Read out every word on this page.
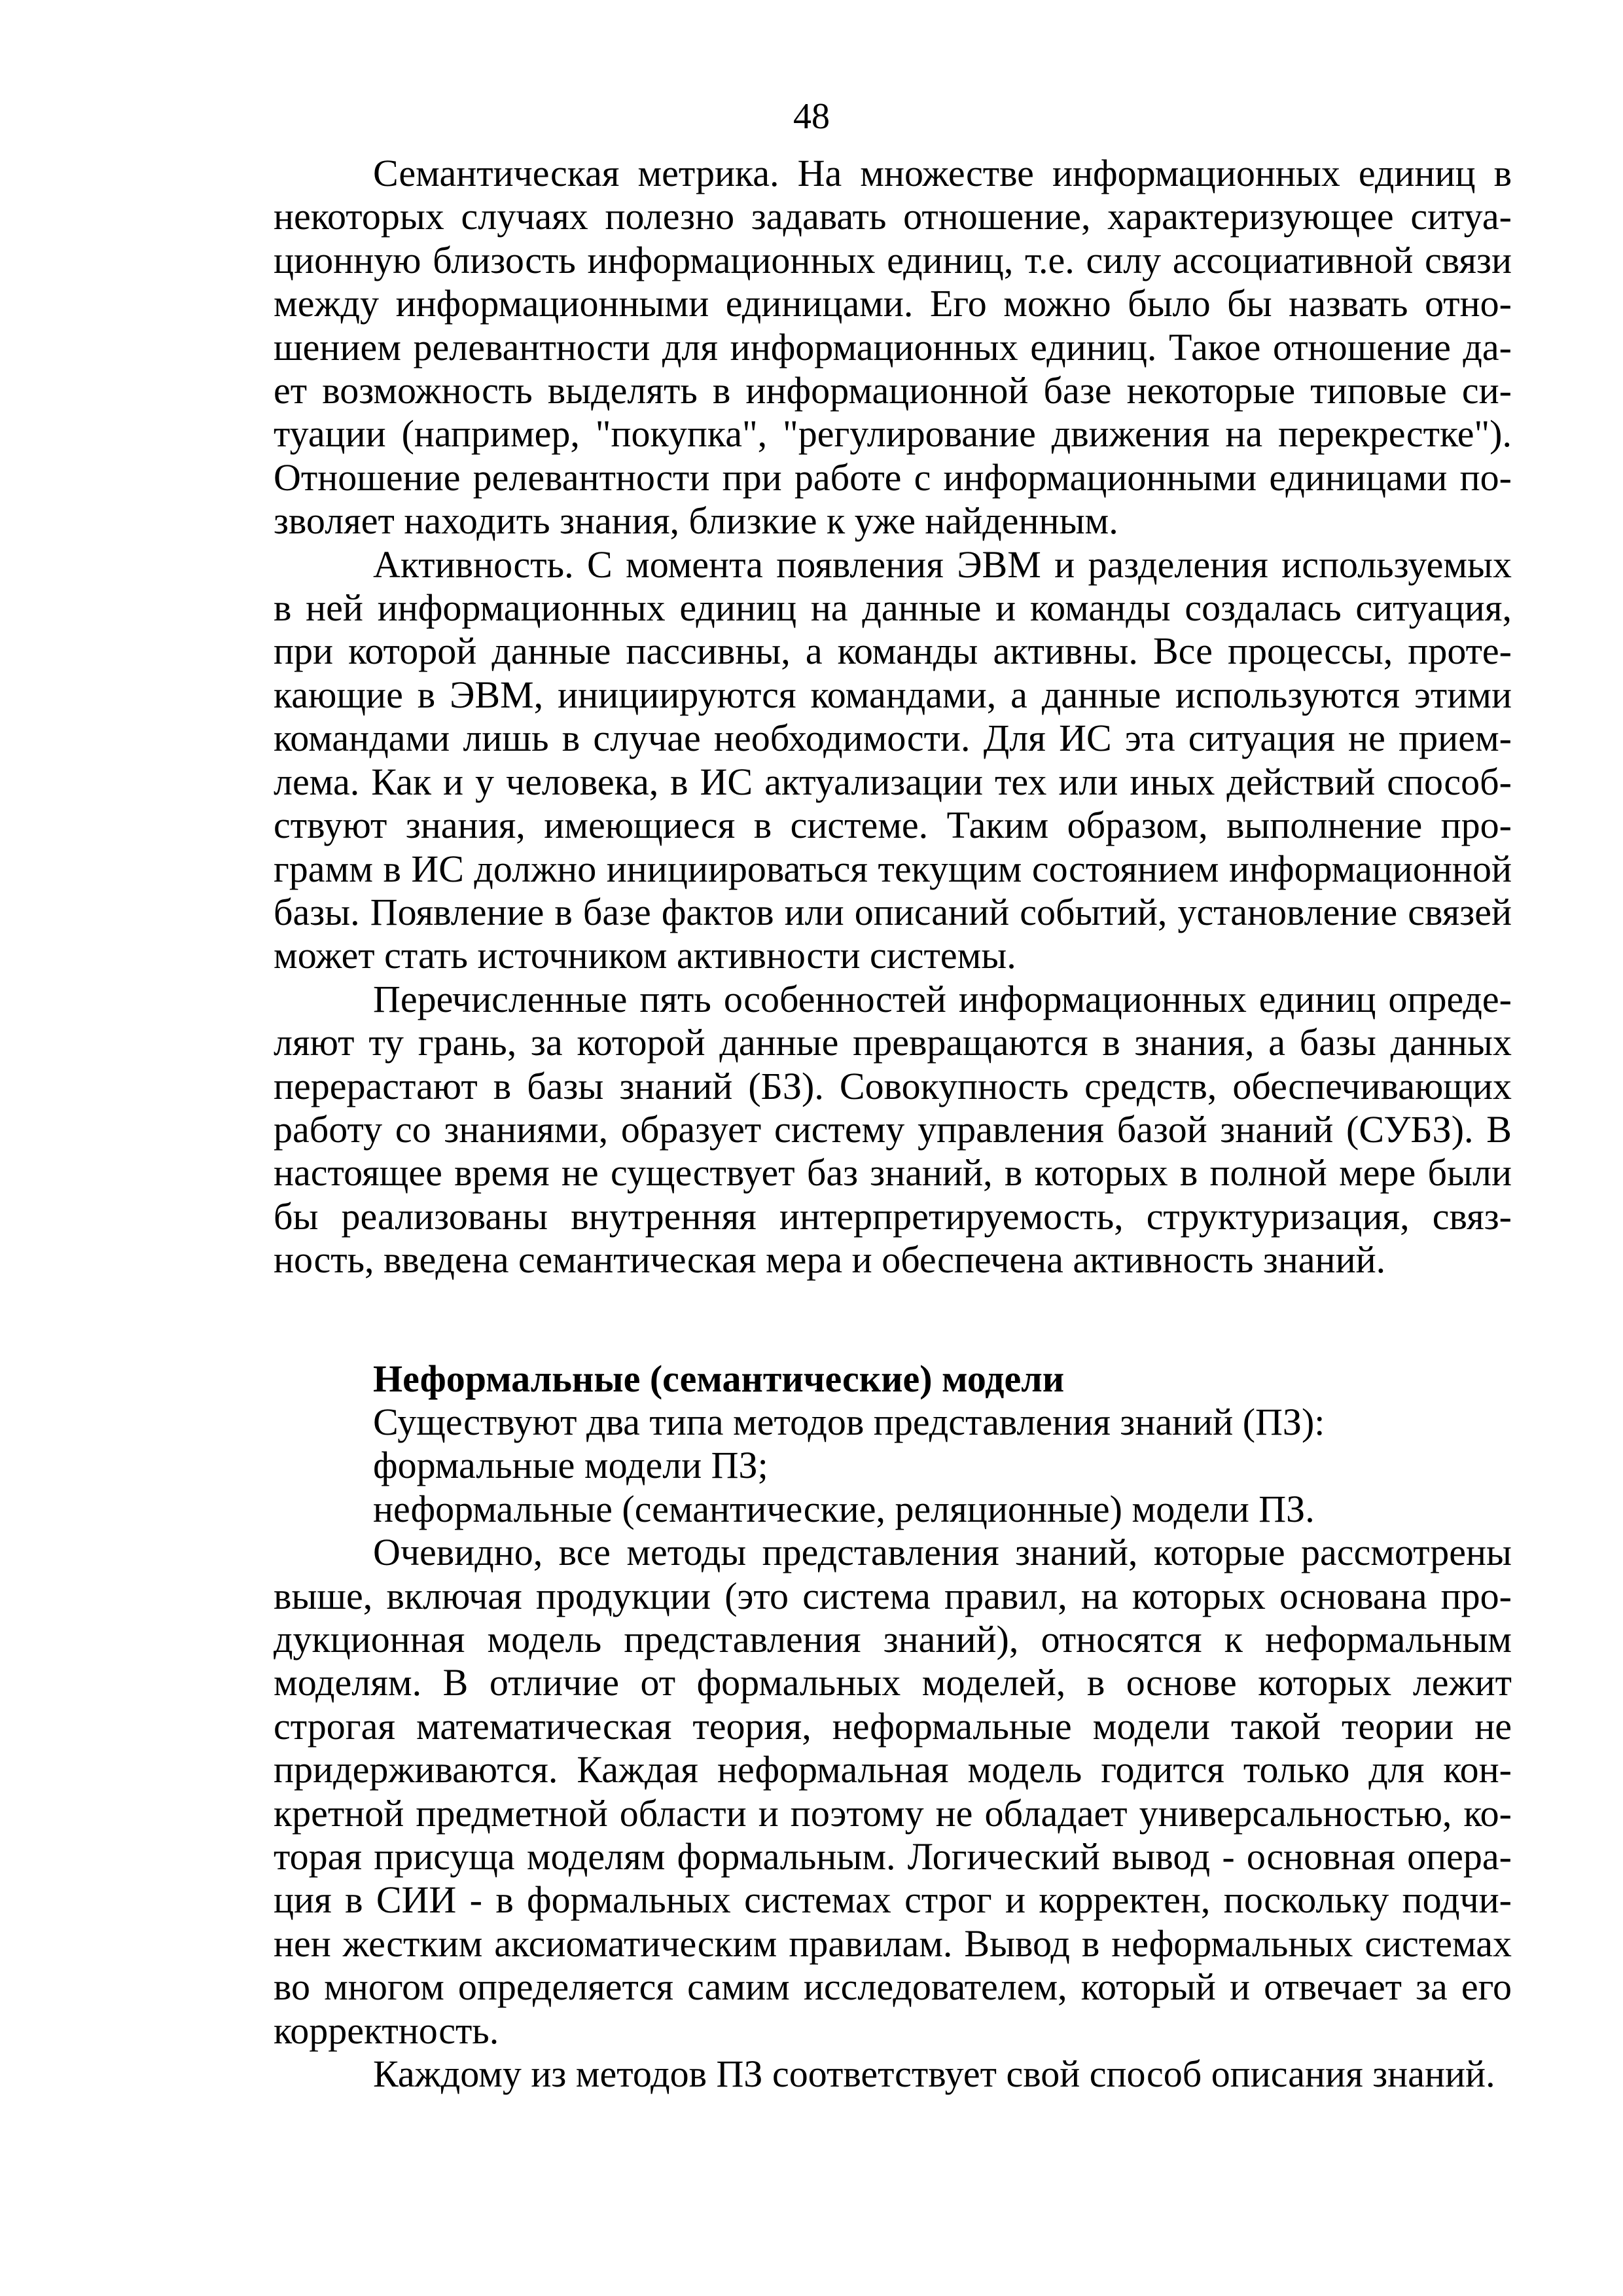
48

Семантическая метрика. На множестве информационных единиц в некоторых случаях полезно задавать отношение, характеризующее ситуационную близость информационных единиц, т.е. силу ассоциативной связи между информационными единицами. Его можно было бы назвать отношением релевантности для информационных единиц. Такое отношение дает возможность выделять в информационной базе некоторые типовые ситуации (например, "покупка", "регулирование движения на перекрестке"). Отношение релевантности при работе с информационными единицами позволяет находить знания, близкие к уже найденным.

Активность. С момента появления ЭВМ и разделения используемых в ней информационных единиц на данные и команды создалась ситуация, при которой данные пассивны, а команды активны. Все процессы, протекающие в ЭВМ, инициируются командами, а данные используются этими командами лишь в случае необходимости. Для ИС эта ситуация не приемлема. Как и у человека, в ИС актуализации тех или иных действий способствуют знания, имеющиеся в системе. Таким образом, выполнение программ в ИС должно инициироваться текущим состоянием информационной базы. Появление в базе фактов или описаний событий, установление связей может стать источником активности системы.

Перечисленные пять особенностей информационных единиц определяют ту грань, за которой данные превращаются в знания, а базы данных перерастают в базы знаний (БЗ). Совокупность средств, обеспечивающих работу со знаниями, образует систему управления базой знаний (СУБЗ). В настоящее время не существует баз знаний, в которых в полной мере были бы реализованы внутренняя интерпретируемость, структуризация, связность, введена семантическая мера и обеспечена активность знаний.

Неформальные (семантические) модели

Существуют два типа методов представления знаний (ПЗ):

формальные модели ПЗ;

неформальные (семантические, реляционные) модели ПЗ.

Очевидно, все методы представления знаний, которые рассмотрены выше, включая продукции (это система правил, на которых основана продукционная модель представления знаний), относятся к неформальным моделям. В отличие от формальных моделей, в основе которых лежит строгая математическая теория, неформальные модели такой теории не придерживаются. Каждая неформальная модель годится только для конкретной предметной области и поэтому не обладает универсальностью, которая присуща моделям формальным. Логический вывод - основная операция в СИИ - в формальных системах строг и корректен, поскольку подчинен жестким аксиоматическим правилам. Вывод в неформальных системах во многом определяется самим исследователем, который и отвечает за его корректность.

Каждому из методов ПЗ соответствует свой способ описания знаний.
